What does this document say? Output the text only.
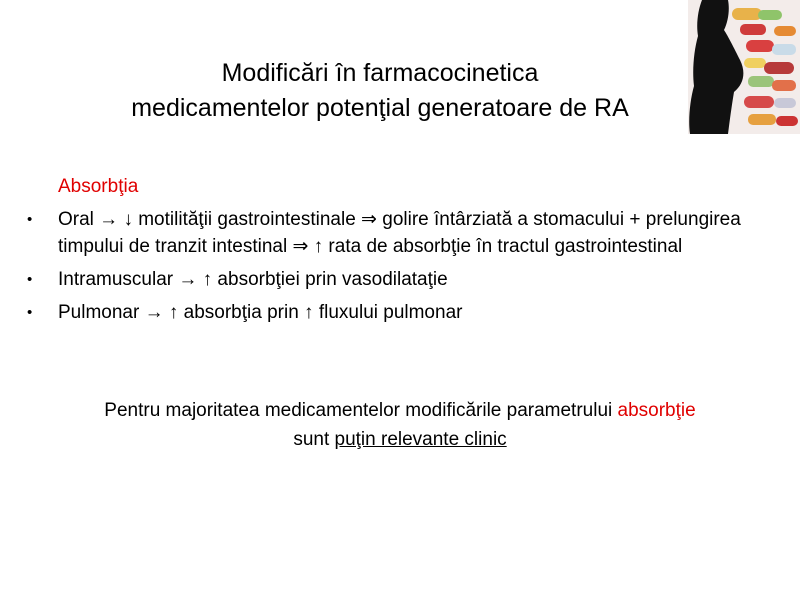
Modificări în farmacocinetica
medicamentelor potenţial generatoare de RA
Absorbţia
• Oral → ↓ motilităţii gastrointestinale ⇒ golire întârziată a stomacului + prelungirea timpului de tranzit intestinal ⇒ ↑ rata de absorbţie în tractul gastrointestinal
• Intramuscular → ↑ absorbţiei prin vasodilataţie
• Pulmonar → ↑ absorbţia prin ↑ fluxului pulmonar
Pentru majoritatea medicamentelor modificările parametrului absorbţie
sunt puţin relevante clinic
